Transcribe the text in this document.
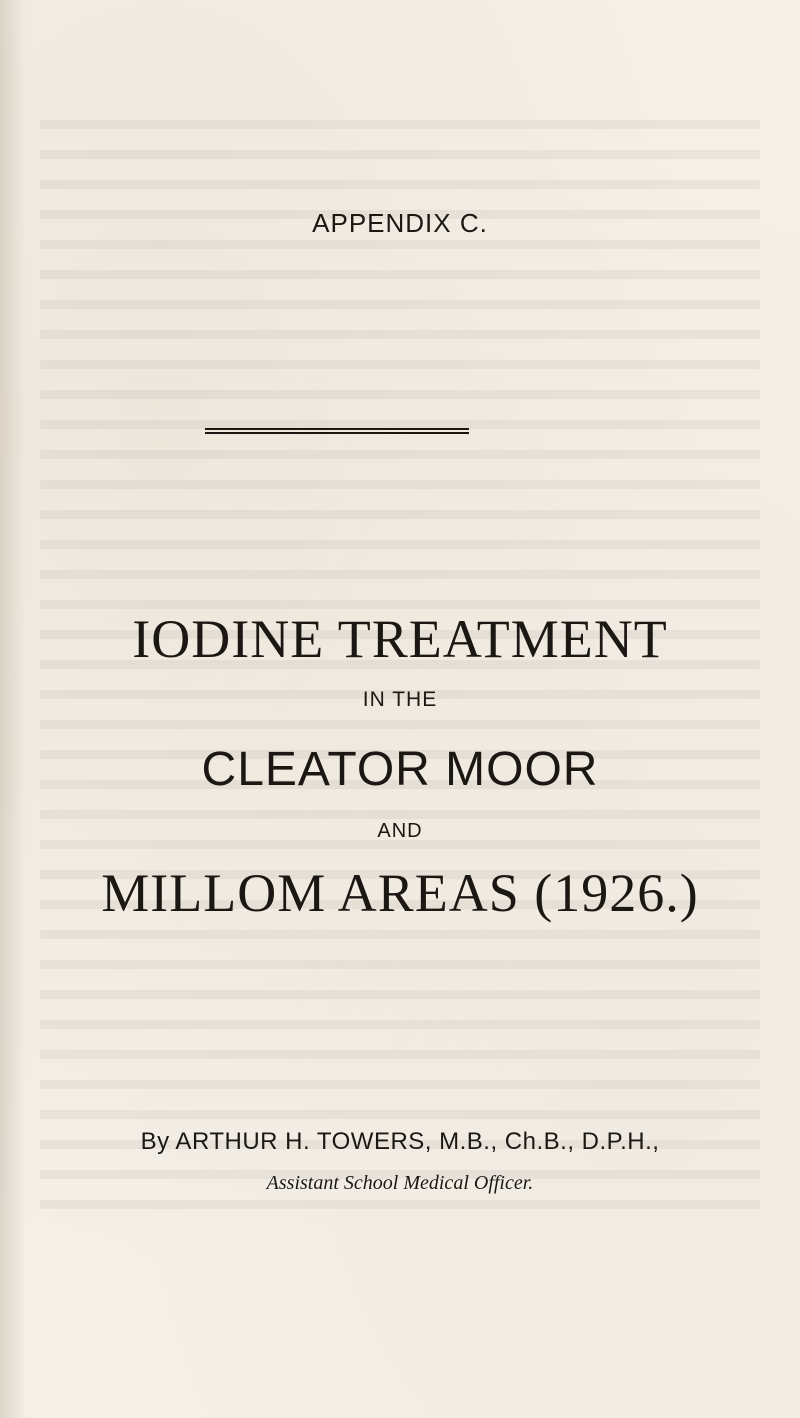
APPENDIX C.
IODINE TREATMENT
IN THE
CLEATOR MOOR
AND
MILLOM AREAS (1926.)
By ARTHUR H. TOWERS, M.B., Ch.B., D.P.H.,
Assistant School Medical Officer.
